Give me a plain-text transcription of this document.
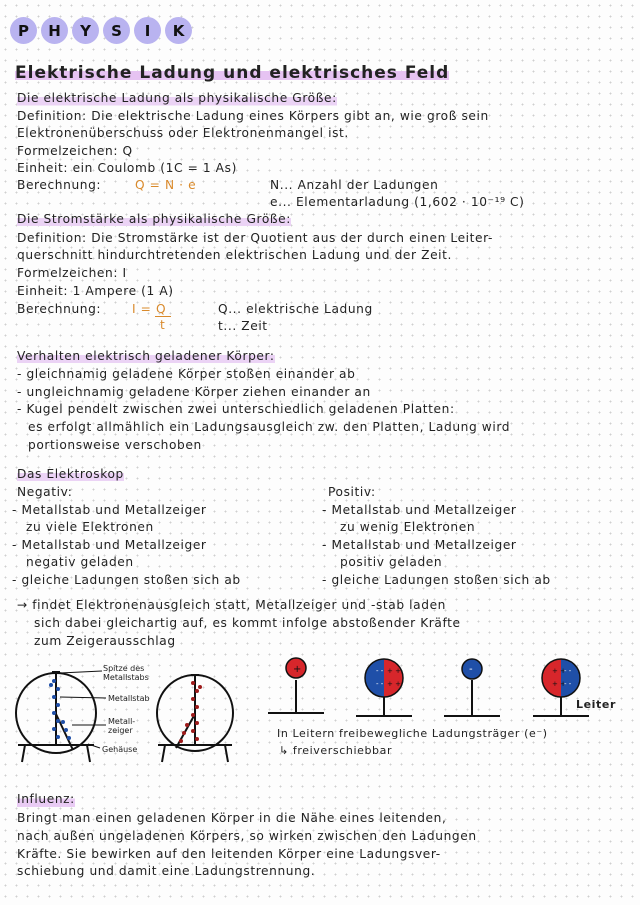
P	H	Y	S	I	K
Elektrische Ladung und elektrisches Feld
Die elektrische Ladung als physikalische Größe:
Definition: Die elektrische Ladung eines Körpers gibt an, wie groß sein
Elektronenüberschuss oder Elektronenmangel ist.
Formelzeichen: Q
Einheit: ein Coulomb (1C = 1 As)
Berechnung:	Q = N · e	N... Anzahl der Ladungen
e... Elementarladung (1,602 · 10⁻¹⁹ C)
Die Stromstärke als physikalische Größe:
Definition: Die Stromstärke ist der Quotient aus der durch einen Leiter-
querschnitt hindurchtretenden elektrischen Ladung und der Zeit.
Formelzeichen: I
Einheit: 1 Ampere (1 A)
Berechnung:	I = Q
t
Q... elektrische Ladung
t... Zeit
Verhalten elektrisch geladener Körper:
- gleichnamig geladene Körper stoßen einander ab
- ungleichnamig geladene Körper ziehen einander an
- Kugel pendelt zwischen zwei unterschiedlich geladenen Platten:
es erfolgt allmählich ein Ladungsausgleich zw. den Platten, Ladung wird
portionsweise verschoben
Das Elektroskop
Negativ:
- Metallstab und Metallzeiger
zu viele Elektronen
- Metallstab und Metallzeiger
negativ geladen
- gleiche Ladungen stoßen sich ab
Positiv:
- Metallstab und Metallzeiger
zu wenig Elektronen
- Metallstab und Metallzeiger
positiv geladen
- gleiche Ladungen stoßen sich ab
→ findet Elektronenausgleich statt, Metallzeiger und -stab laden
sich dabei gleichartig auf, es kommt infolge abstoßender Kräfte
zum Zeigerausschlag
+	- -
- -
+ +
+ +
-	+ +
+ +
- -
- -
Spitze des
Metallstabs
Metallstab
Metall-
zeiger
Gehäuse
Leiter
In Leitern freibewegliche Ladungsträger (e⁻)
↳ freiverschiebbar
Influenz:
Bringt man einen geladenen Körper in die Nähe eines leitenden,
nach außen ungeladenen Körpers, so wirken zwischen den Ladungen
Kräfte. Sie bewirken auf den leitenden Körper eine Ladungsver-
schiebung und damit eine Ladungstrennung.
